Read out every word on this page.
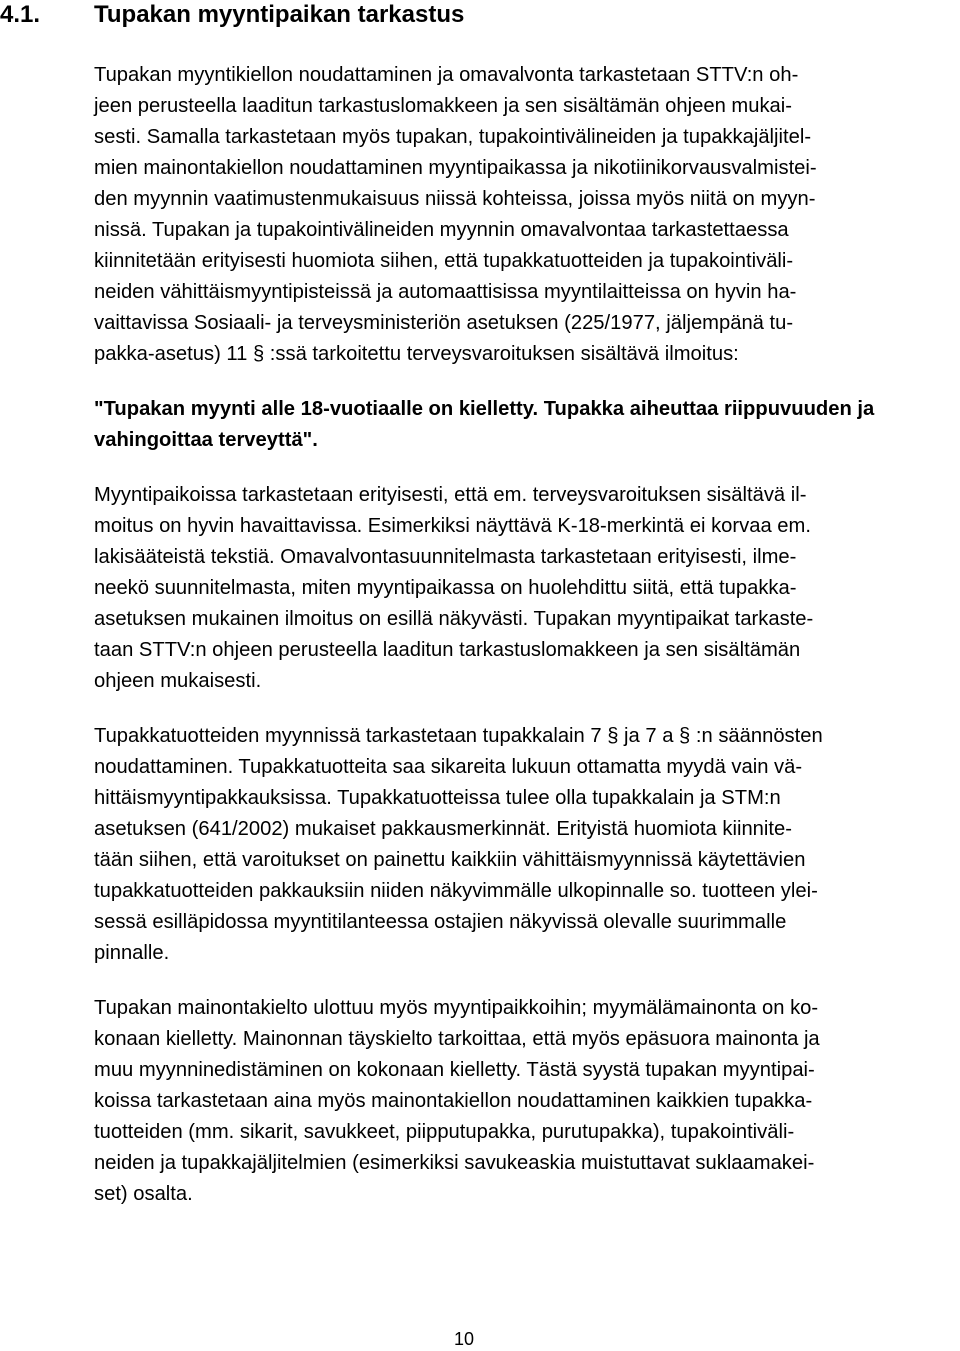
4.1. Tupakan myyntipaikan tarkastus
Tupakan myyntikiellon noudattaminen ja omavalvonta tarkastetaan STTV:n oh-
jeen perusteella laaditun tarkastuslomakkeen ja sen sisältämän ohjeen mukai-
sesti. Samalla tarkastetaan myös tupakan, tupakointivälineiden ja tupakkajäljitel-
mien mainontakiellon noudattaminen myyntipaikassa ja nikotiinikorvausvalmistei-
den myynnin vaatimustenmukaisuus niissä kohteissa, joissa myös niitä on myyn-
nissä. Tupakan ja tupakointivälineiden myynnin omavalvontaa tarkastettaessa
kiinnitetään erityisesti huomiota siihen, että tupakkatuotteiden ja tupakointiväli-
neiden vähittäismyyntipisteissä ja automaattisissa myyntilaitteissa on hyvin ha-
vaittavissa Sosiaali- ja terveysministeriön asetuksen (225/1977, jäljempänä tu-
pakka-asetus) 11 § :ssä tarkoitettu terveysvaroituksen sisältävä ilmoitus:
"Tupakan myynti alle 18-vuotiaalle on kielletty. Tupakka aiheuttaa riippuvuuden ja
vahingoittaa terveyttä".
Myyntipaikoissa tarkastetaan erityisesti, että em. terveysvaroituksen sisältävä il-
moitus on hyvin havaittavissa. Esimerkiksi näyttävä K-18-merkintä ei korvaa em.
lakisääteistä tekstiä. Omavalvontasuunnitelmasta tarkastetaan erityisesti, ilme-
neekö suunnitelmasta, miten myyntipaikassa on huolehdittu siitä, että tupakka-
asetuksen mukainen ilmoitus on esillä näkyvästi. Tupakan myyntipaikat tarkaste-
taan STTV:n ohjeen perusteella laaditun tarkastuslomakkeen ja sen sisältämän
ohjeen mukaisesti.
Tupakkatuotteiden myynnissä tarkastetaan tupakkalain 7 § ja 7 a § :n säännösten
noudattaminen. Tupakkatuotteita saa sikareita lukuun ottamatta myydä vain vä-
hittäismyyntipakkauksissa. Tupakkatuotteissa tulee olla tupakkalain ja STM:n
asetuksen (641/2002) mukaiset pakkausmerkinnät. Erityistä huomiota kiinnite-
tään siihen, että varoitukset on painettu kaikkiin vähittäismyynnissä käytettävien
tupakkatuotteiden pakkauksiin niiden näkyvimmälle ulkopinnalle so. tuotteen ylei-
sessä esilläpidossa myyntitilanteessa ostajien näkyvissä olevalle suurimmalle
pinnalle.
Tupakan mainontakielto ulottuu myös myyntipaikkoihin; myymälämainonta on ko-
konaan kielletty. Mainonnan täyskielto tarkoittaa, että myös epäsuora mainonta ja
muu myynninedistäminen on kokonaan kielletty. Tästä syystä tupakan myyntipai-
koissa tarkastetaan aina myös mainontakiellon noudattaminen kaikkien tupakka-
tuotteiden (mm. sikarit, savukkeet, piipputupakka, purutupakka), tupakointiväli-
neiden ja tupakkajäljitelmien (esimerkiksi savukeaskia muistuttavat suklaamakei-
set) osalta.
10
